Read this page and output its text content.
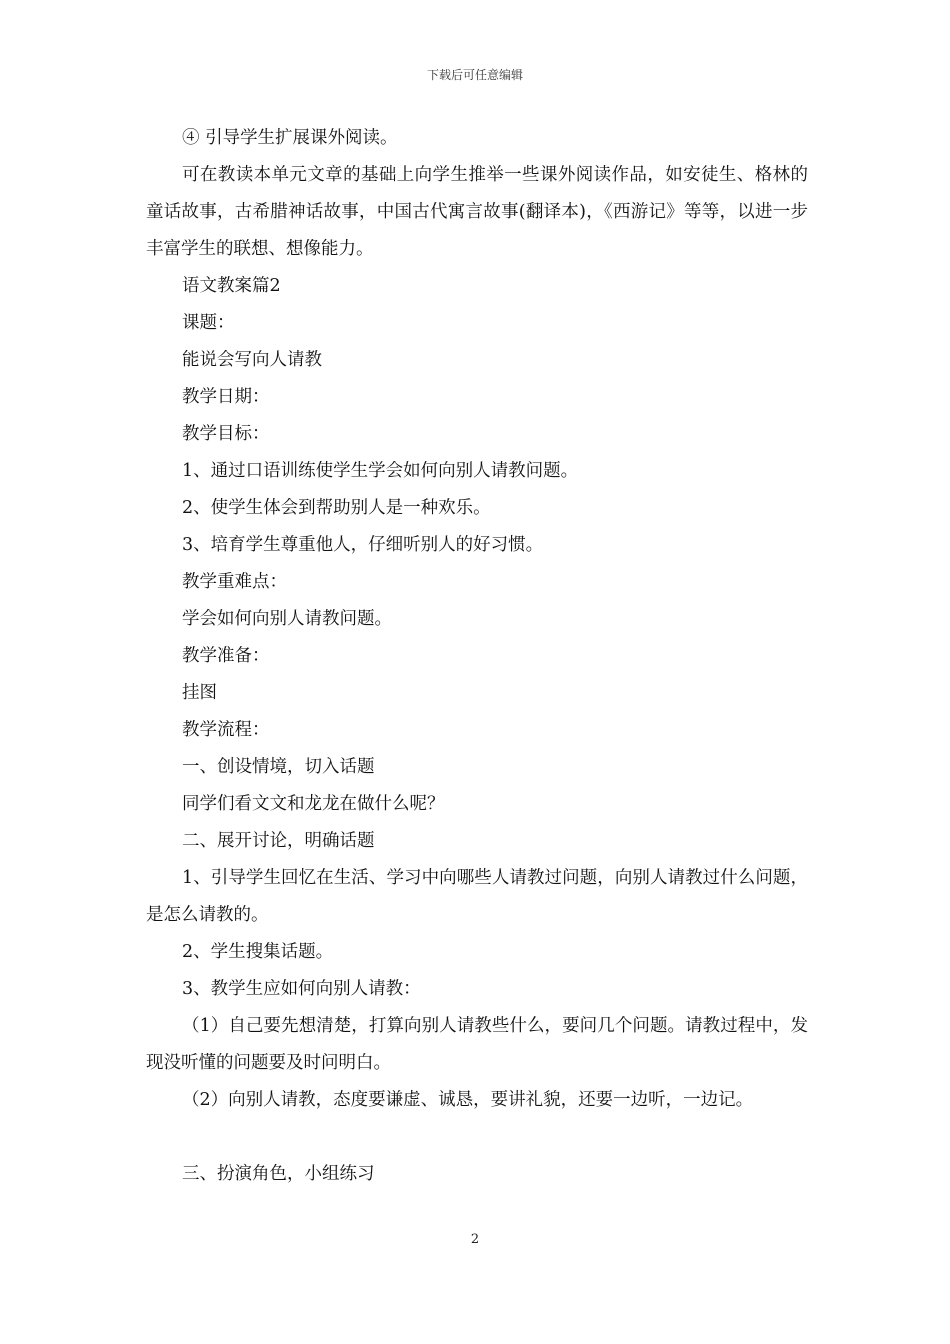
下载后可任意编辑

④ 引导学生扩展课外阅读。

可在教读本单元文章的基础上向学生推举一些课外阅读作品，如安徒生、格林的童话故事，古希腊神话故事，中国古代寓言故事(翻译本)，《西游记》等等，以进一步丰富学生的联想、想像能力。

语文教案篇2

课题：

能说会写向人请教

教学日期：

教学目标：

1、通过口语训练使学生学会如何向别人请教问题。

2、使学生体会到帮助别人是一种欢乐。

3、培育学生尊重他人，仔细听别人的好习惯。

教学重难点：

学会如何向别人请教问题。

教学准备：

挂图

教学流程：

一、创设情境，切入话题

同学们看文文和龙龙在做什么呢？

二、展开讨论，明确话题

1、引导学生回忆在生活、学习中向哪些人请教过问题，向别人请教过什么问题，是怎么请教的。

2、学生搜集话题。

3、教学生应如何向别人请教：

（1）自己要先想清楚，打算向别人请教些什么，要问几个问题。请教过程中，发现没听懂的问题要及时问明白。

（2）向别人请教，态度要谦虚、诚恳，要讲礼貌，还要一边听，一边记。

三、扮演角色，小组练习

2
